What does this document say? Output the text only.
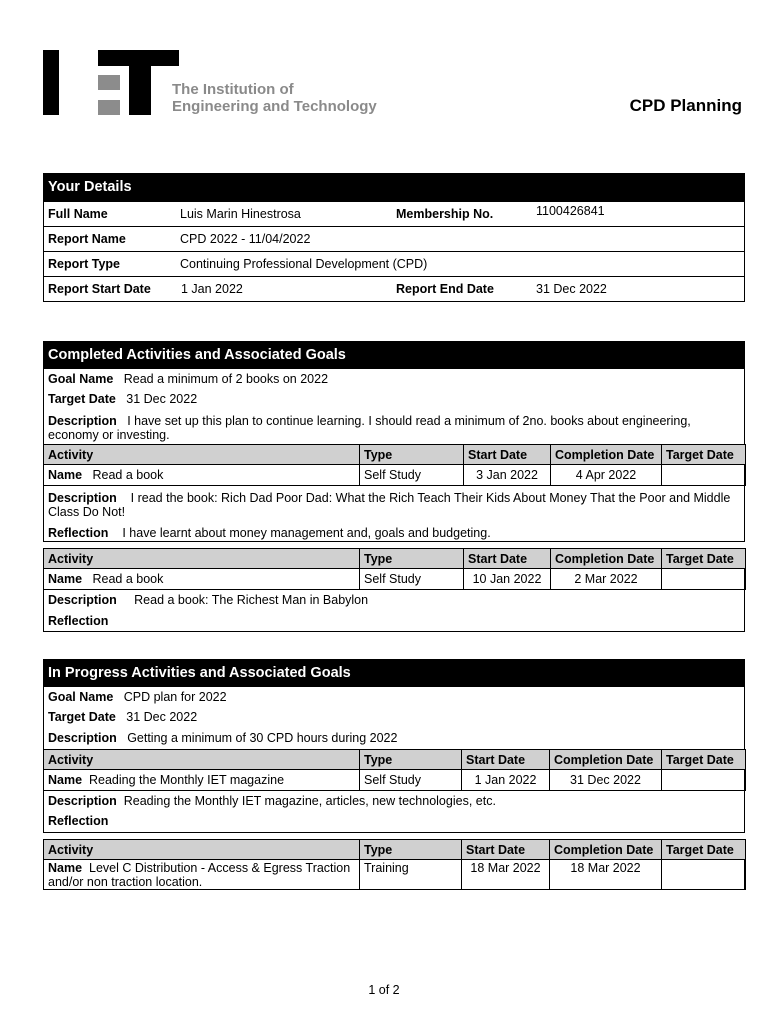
The Institution of
Engineering and Technology	CPD Planning
Your Details
Full Name	Luis Marin Hinestrosa	Membership No.	1100426841
Report Name	CPD 2022 - 11/04/2022
Report Type	Continuing Professional Development (CPD)
Report Start Date 1 Jan 2022	Report End Date	31 Dec 2022
Completed Activities and Associated Goals
Goal Name Read a minimum of 2 books on 2022
Target Date 31 Dec 2022
Description I have set up this plan to continue learning. I should read a minimum of 2no. books about engineering, economy or investing.
Activity	Type	Start Date	Completion Date	Target Date
Name Read a book	Self Study	3 Jan 2022	4 Apr 2022	
Description I read the book: Rich Dad Poor Dad: What the Rich Teach Their Kids About Money That the Poor and Middle Class Do Not!
Reflection I have learnt about money management and, goals and budgeting.
Activity	Type	Start Date	Completion Date	Target Date
Name Read a book	Self Study	10 Jan 2022	2 Mar 2022	
Description Read a book: The Richest Man in Babylon
Reflection
In Progress Activities and Associated Goals
Goal Name CPD plan for 2022
Target Date 31 Dec 2022
Description Getting a minimum of 30 CPD hours during 2022
Activity	Type	Start Date	Completion Date	Target Date
Name Reading the Monthly IET magazine	Self Study	1 Jan 2022	31 Dec 2022	
Description Reading the Monthly IET magazine, articles, new technologies, etc.
Reflection
Activity	Type	Start Date	Completion Date	Target Date
Name Level C Distribution - Access & Egress Traction and/or non traction location.	Training	18 Mar 2022	18 Mar 2022	
1 of 2
